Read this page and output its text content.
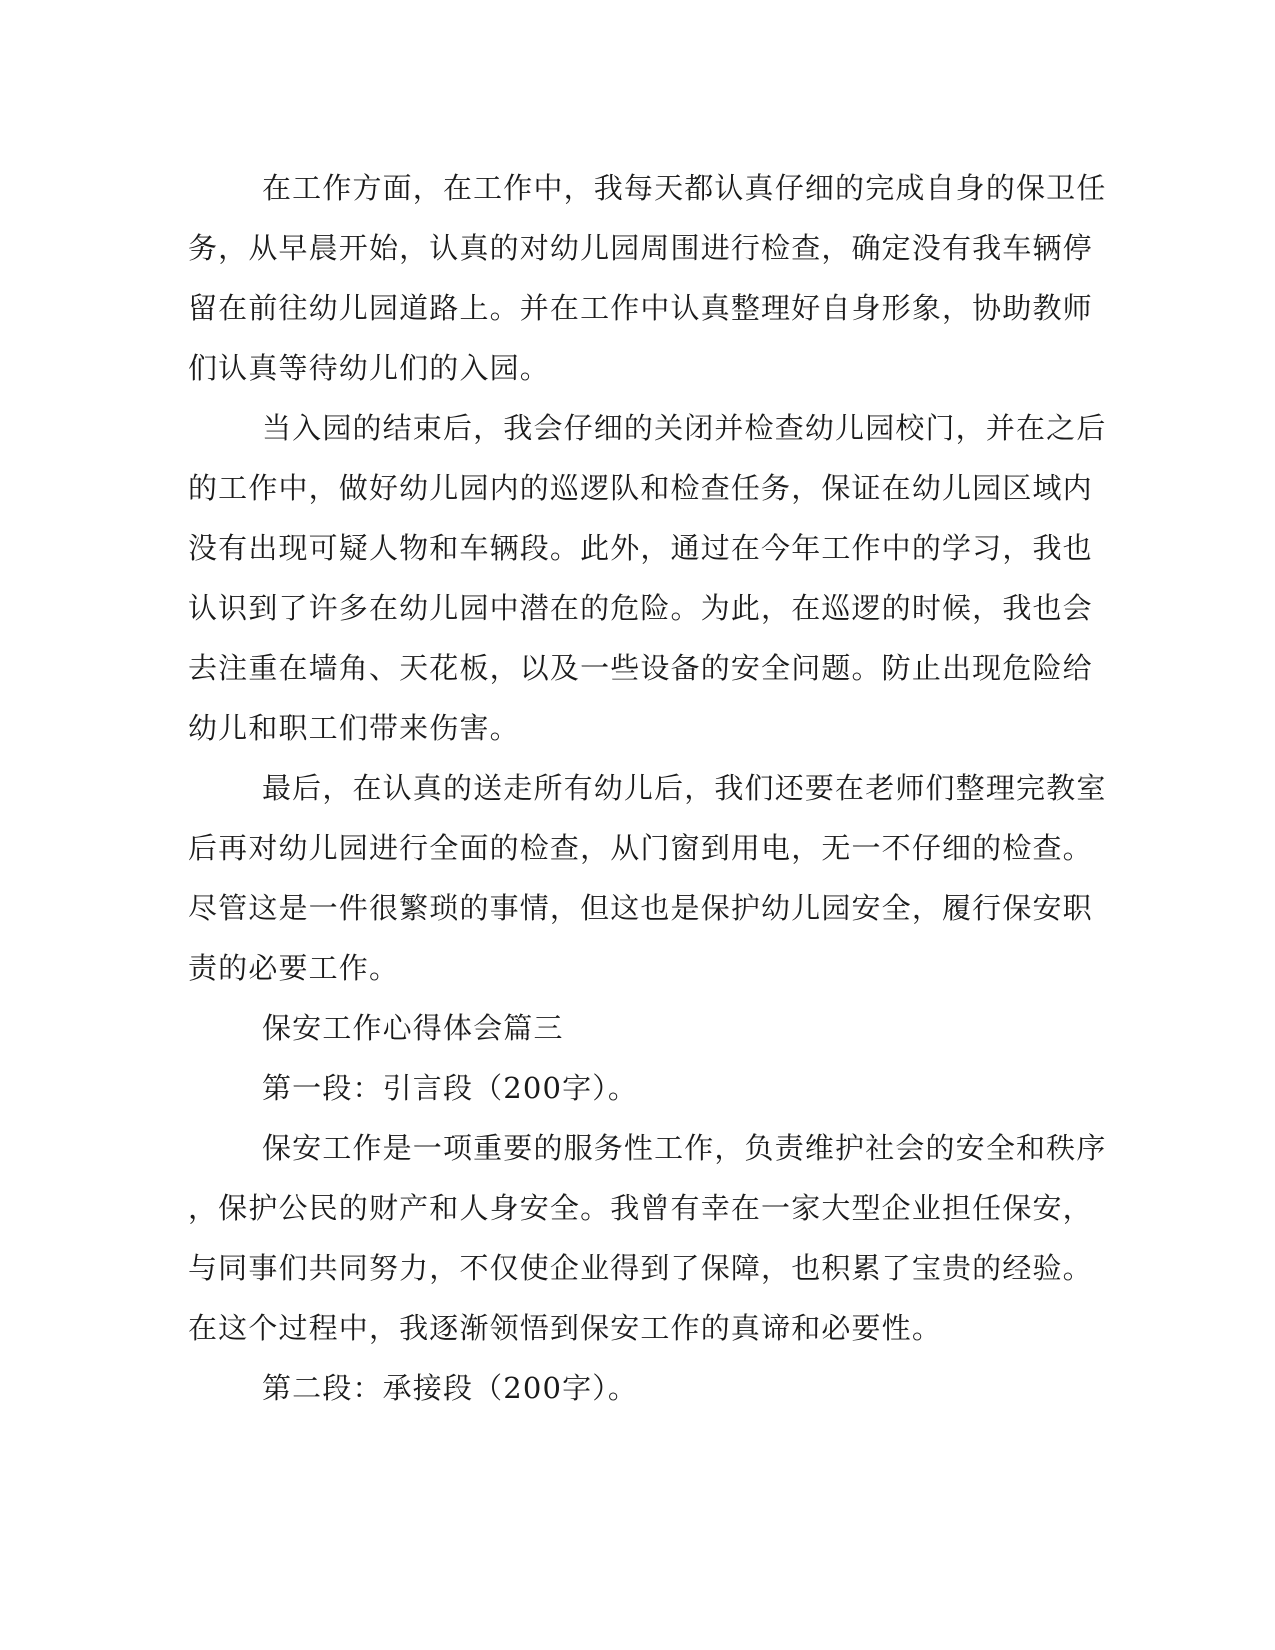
在工作方面，在工作中，我每天都认真仔细的完成自身的保卫任
务，从早晨开始，认真的对幼儿园周围进行检查，确定没有我车辆停
留在前往幼儿园道路上。并在工作中认真整理好自身形象，协助教师
们认真等待幼儿们的入园。
当入园的结束后，我会仔细的关闭并检查幼儿园校门，并在之后
的工作中，做好幼儿园内的巡逻队和检查任务，保证在幼儿园区域内
没有出现可疑人物和车辆段。此外，通过在今年工作中的学习，我也
认识到了许多在幼儿园中潜在的危险。为此，在巡逻的时候，我也会
去注重在墙角、天花板，以及一些设备的安全问题。防止出现危险给
幼儿和职工们带来伤害。
最后，在认真的送走所有幼儿后，我们还要在老师们整理完教室
后再对幼儿园进行全面的检查，从门窗到用电，无一不仔细的检查。
尽管这是一件很繁琐的事情，但这也是保护幼儿园安全，履行保安职
责的必要工作。
保安工作心得体会篇三
第一段：引言段（200字）。
保安工作是一项重要的服务性工作，负责维护社会的安全和秩序
，保护公民的财产和人身安全。我曾有幸在一家大型企业担任保安，
与同事们共同努力，不仅使企业得到了保障，也积累了宝贵的经验。
在这个过程中，我逐渐领悟到保安工作的真谛和必要性。
第二段：承接段（200字）。
